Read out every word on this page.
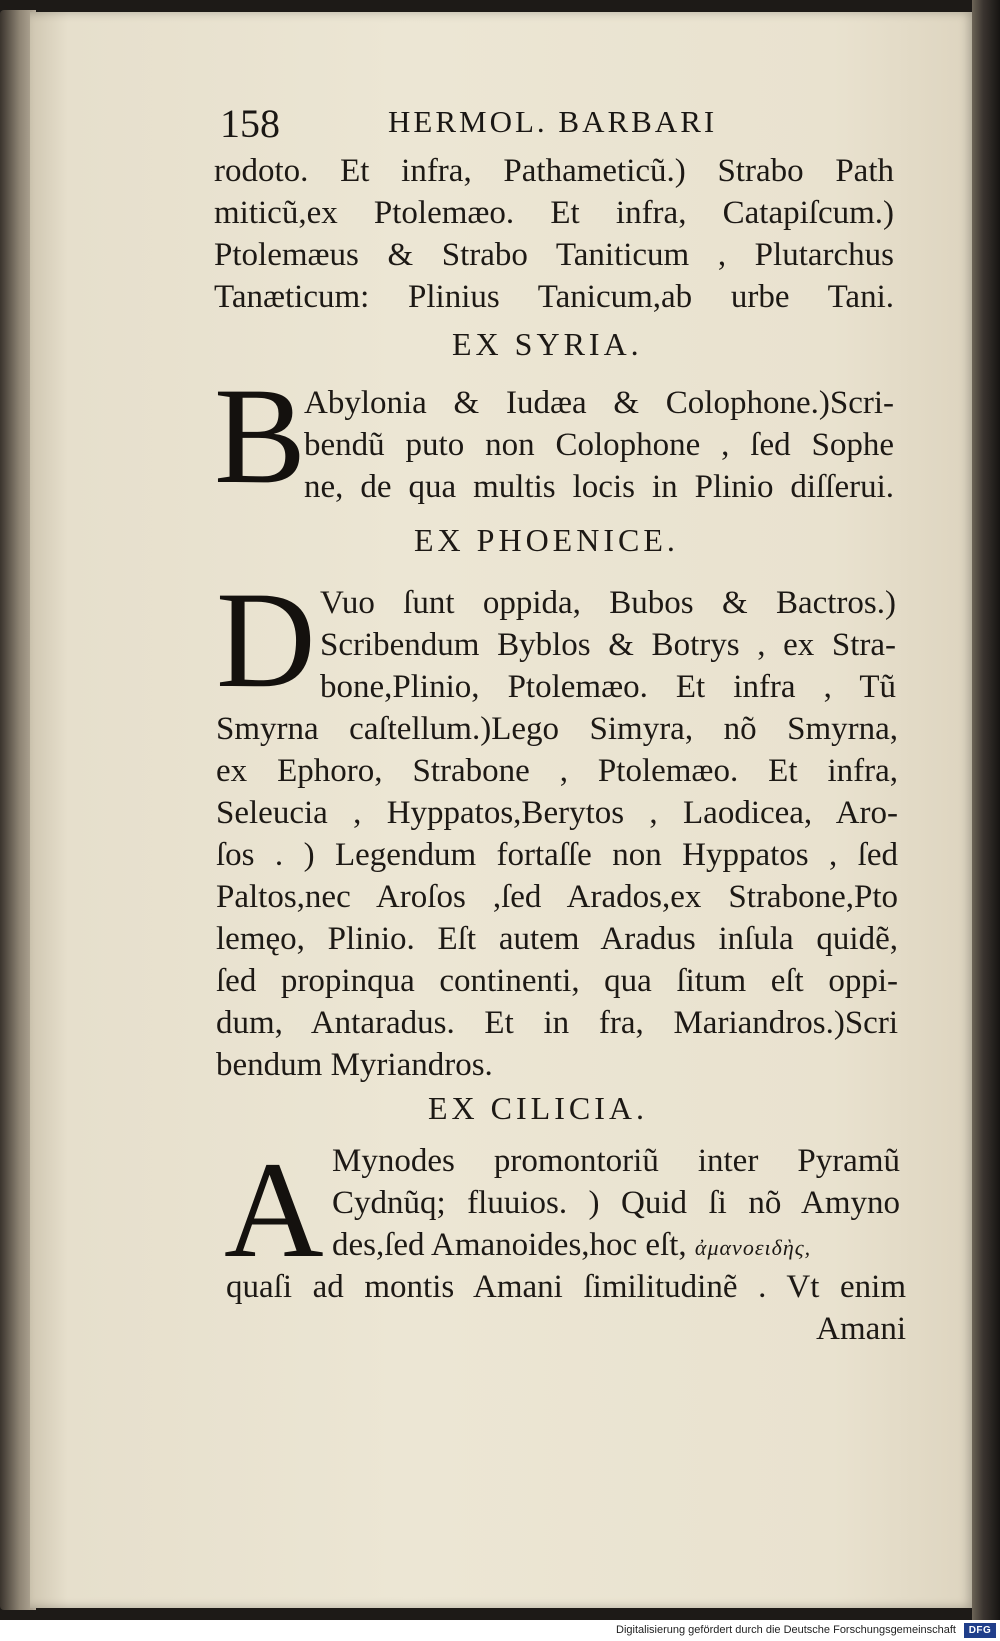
158	HERMOL. BARBARI
rodoto. Et infra, Pathameticũ.) Strabo Path
miticũ,ex Ptolemæo. Et infra, Catapiſcum.)
Ptolemæus & Strabo Taniticum , Plutarchus
Tanæticum: Plinius Tanicum,ab urbe Tani.
EX SYRIA.
B
Abylonia & Iudæa & Colophone.)Scri-
bendũ puto non Colophone , ſed Sophe
ne, de qua multis locis in Plinio diſſerui.
EX PHOENICE.
D Vuo ſunt oppida, Bubos & Bactros.)
Scribendum Byblos & Botrys , ex Stra-
bone,Plinio, Ptolemæo. Et infra , Tũ
Smyrna caſtellum.)Lego Simyra, nõ Smyrna,
ex Ephoro, Strabone , Ptolemæo. Et infra,
Seleucia , Hyppatos,Berytos , Laodicea, Aro-
ſos . ) Legendum fortaſſe non Hyppatos , ſed
Paltos,nec Aroſos ,ſed Arados,ex Strabone,Pto
lemęo, Plinio. Eſt autem Aradus inſula quidẽ,
ſed propinqua continenti, qua ſitum eſt oppi-
dum, Antaradus. Et in fra, Mariandros.)Scri
bendum Myriandros.
EX CILICIA.
A Mynodes promontoriũ inter Pyramũ
Cydnũq; fluuios. ) Quid ſi nõ Amyno
des,ſed Amanoides,hoc eſt, ἀμανοειδὴς,
quaſi ad montis Amani ſimilitudinẽ . Vt enim
Amani
Digitalisierung gefördert durch die Deutsche Forschungsgemeinschaft	DFG
